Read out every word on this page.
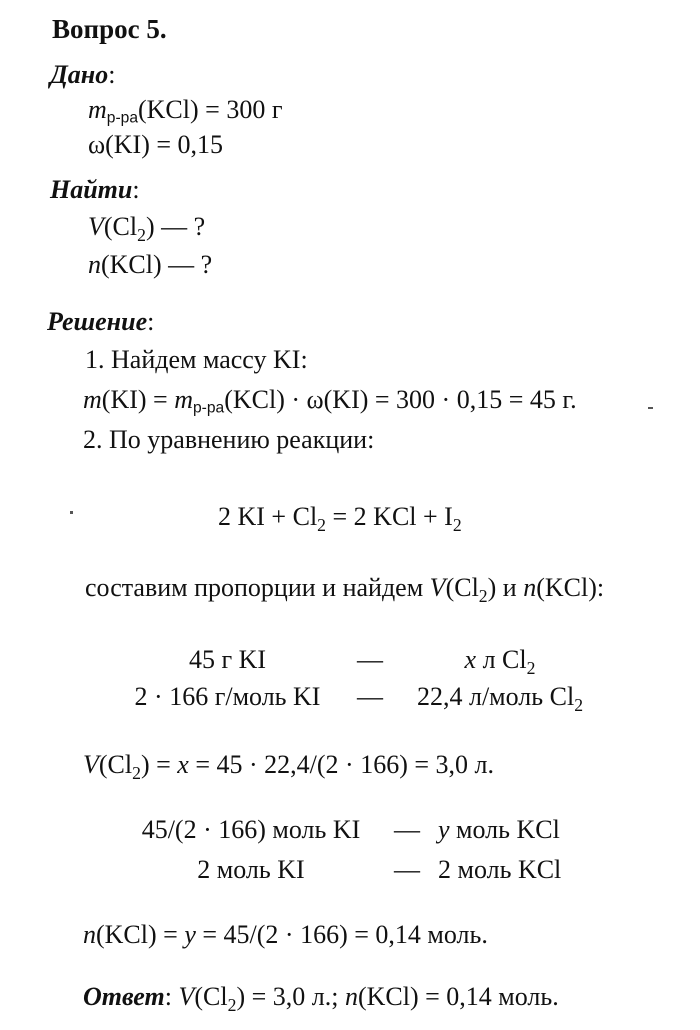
Вопрос 5.
Дано:
$m_{р-ра}(KCl) = 300$ г
ω(KI) = 0,15
Найти:
$V(Cl_2)$ — ?
n(KCl) — ?
Решение:
1. Найдем массу KI:
$m(KI) = m_{р-ра}(KCl) \cdot \omega(KI) = 300 \cdot 0,15 = 45$ г.
2. По уравнению реакции:
2 KI + $Cl_2 = 2$ KCl + $I_2$
составим пропорции и найдем $V(Cl_2)$ и n(KCl):
45 г KI	—	x л $Cl_2$
2 · 166 г/моль KI	—	22,4 л/моль $Cl_2$
$V(Cl_2) = x = 45 \cdot 22,4/(2 \cdot 166) = 3,0$ л.
45/(2 · 166) моль KI	— y моль KCl
2 моль KI	— 2 моль KCl
n(KCl) = y = 45/(2 · 166) = 0,14 моль.
Ответ: $V(Cl_2) = 3,0$ л.; n(KCl) = 0,14 моль.
